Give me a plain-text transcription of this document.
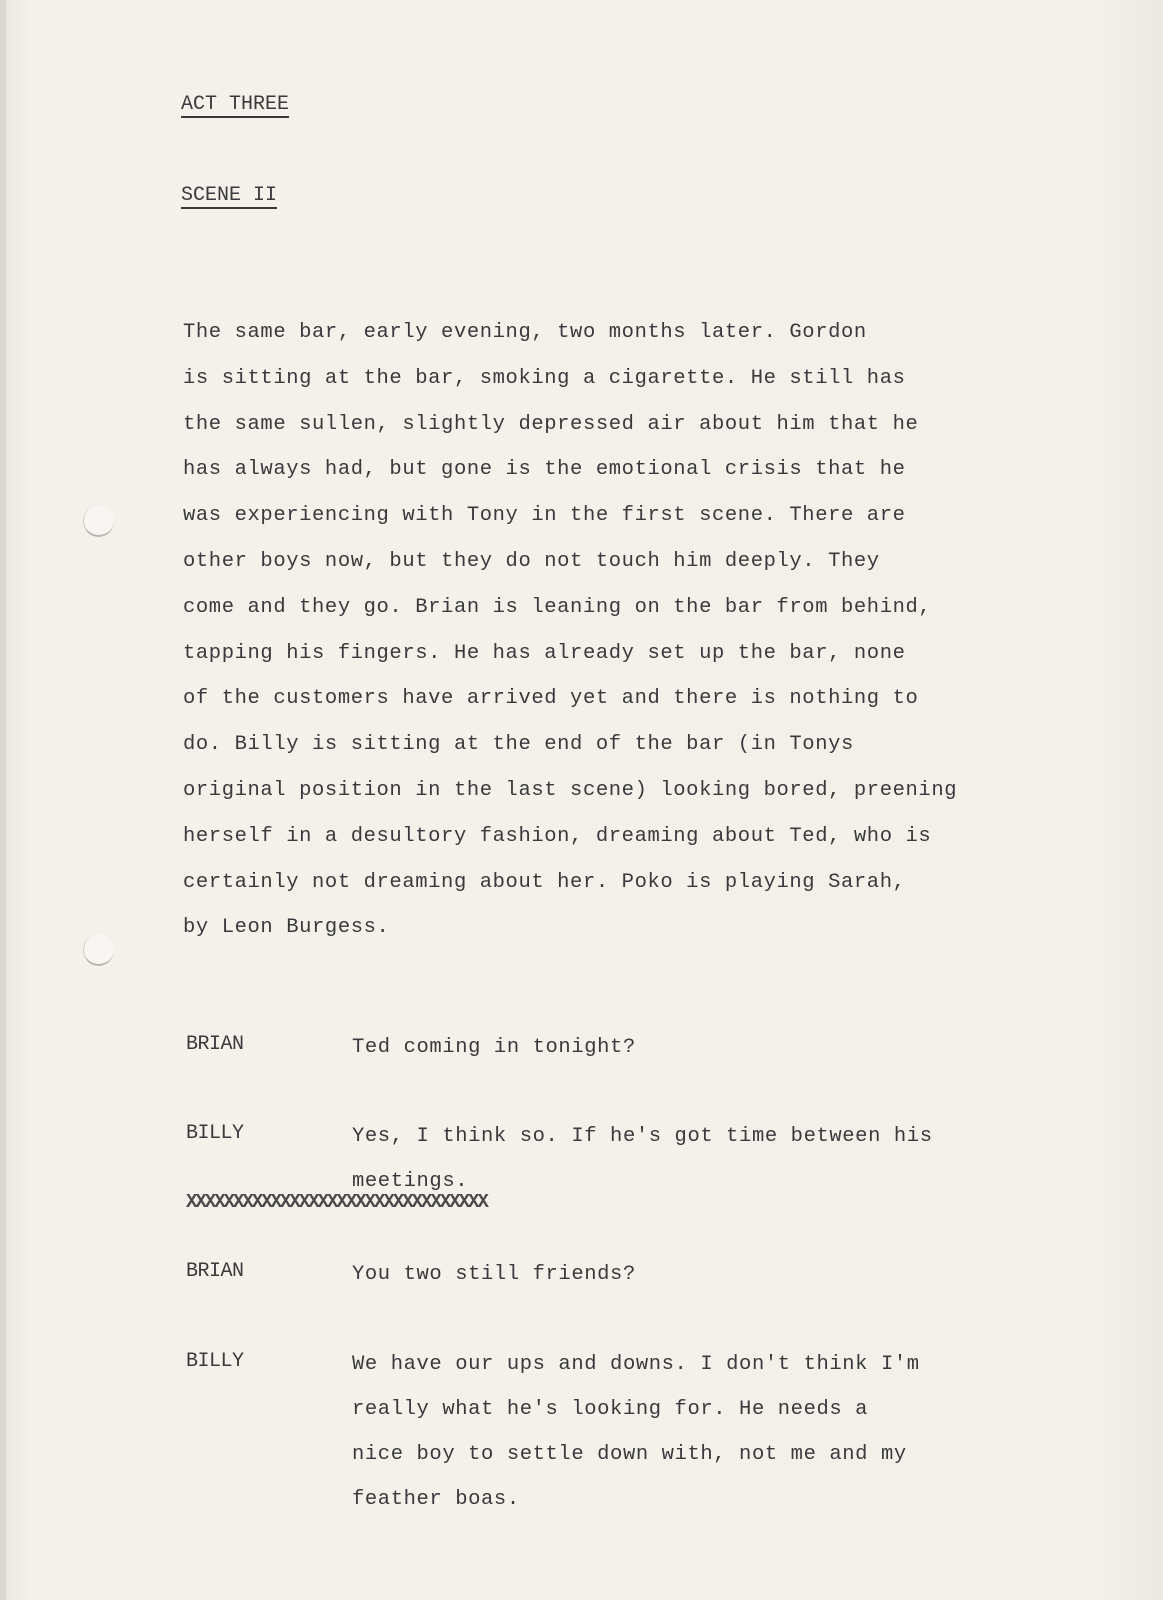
ACT THREE
SCENE II
The same bar, early evening, two months later. Gordon
is sitting at the bar, smoking a cigarette. He still has
the same sullen, slightly depressed air about him that he
has always had, but gone is the emotional crisis that he
was experiencing with Tony in the first scene. There are
other boys now, but they do not touch him deeply. They
come and they go. Brian is leaning on the bar from behind,
tapping his fingers. He has already set up the bar, none
of the customers have arrived yet and there is nothing to
do. Billy is sitting at the end of the bar (in Tonys
original position in the last scene) looking bored, preening
herself in a desultory fashion, dreaming about Ted, who is
certainly not dreaming about her. Poko is playing Sarah,
by Leon Burgess.
BRIAN	Ted coming in tonight?
BILLY	Yes, I think so. If he's got time between his
meetings.
XXXXXXXXXXXXXXXXXXXXXXXXXXXXXXXX
BRIAN	You two still friends?
BILLY	We have our ups and downs. I don't think I'm
really what he's looking for. He needs a
nice boy to settle down with, not me and my
feather boas.
